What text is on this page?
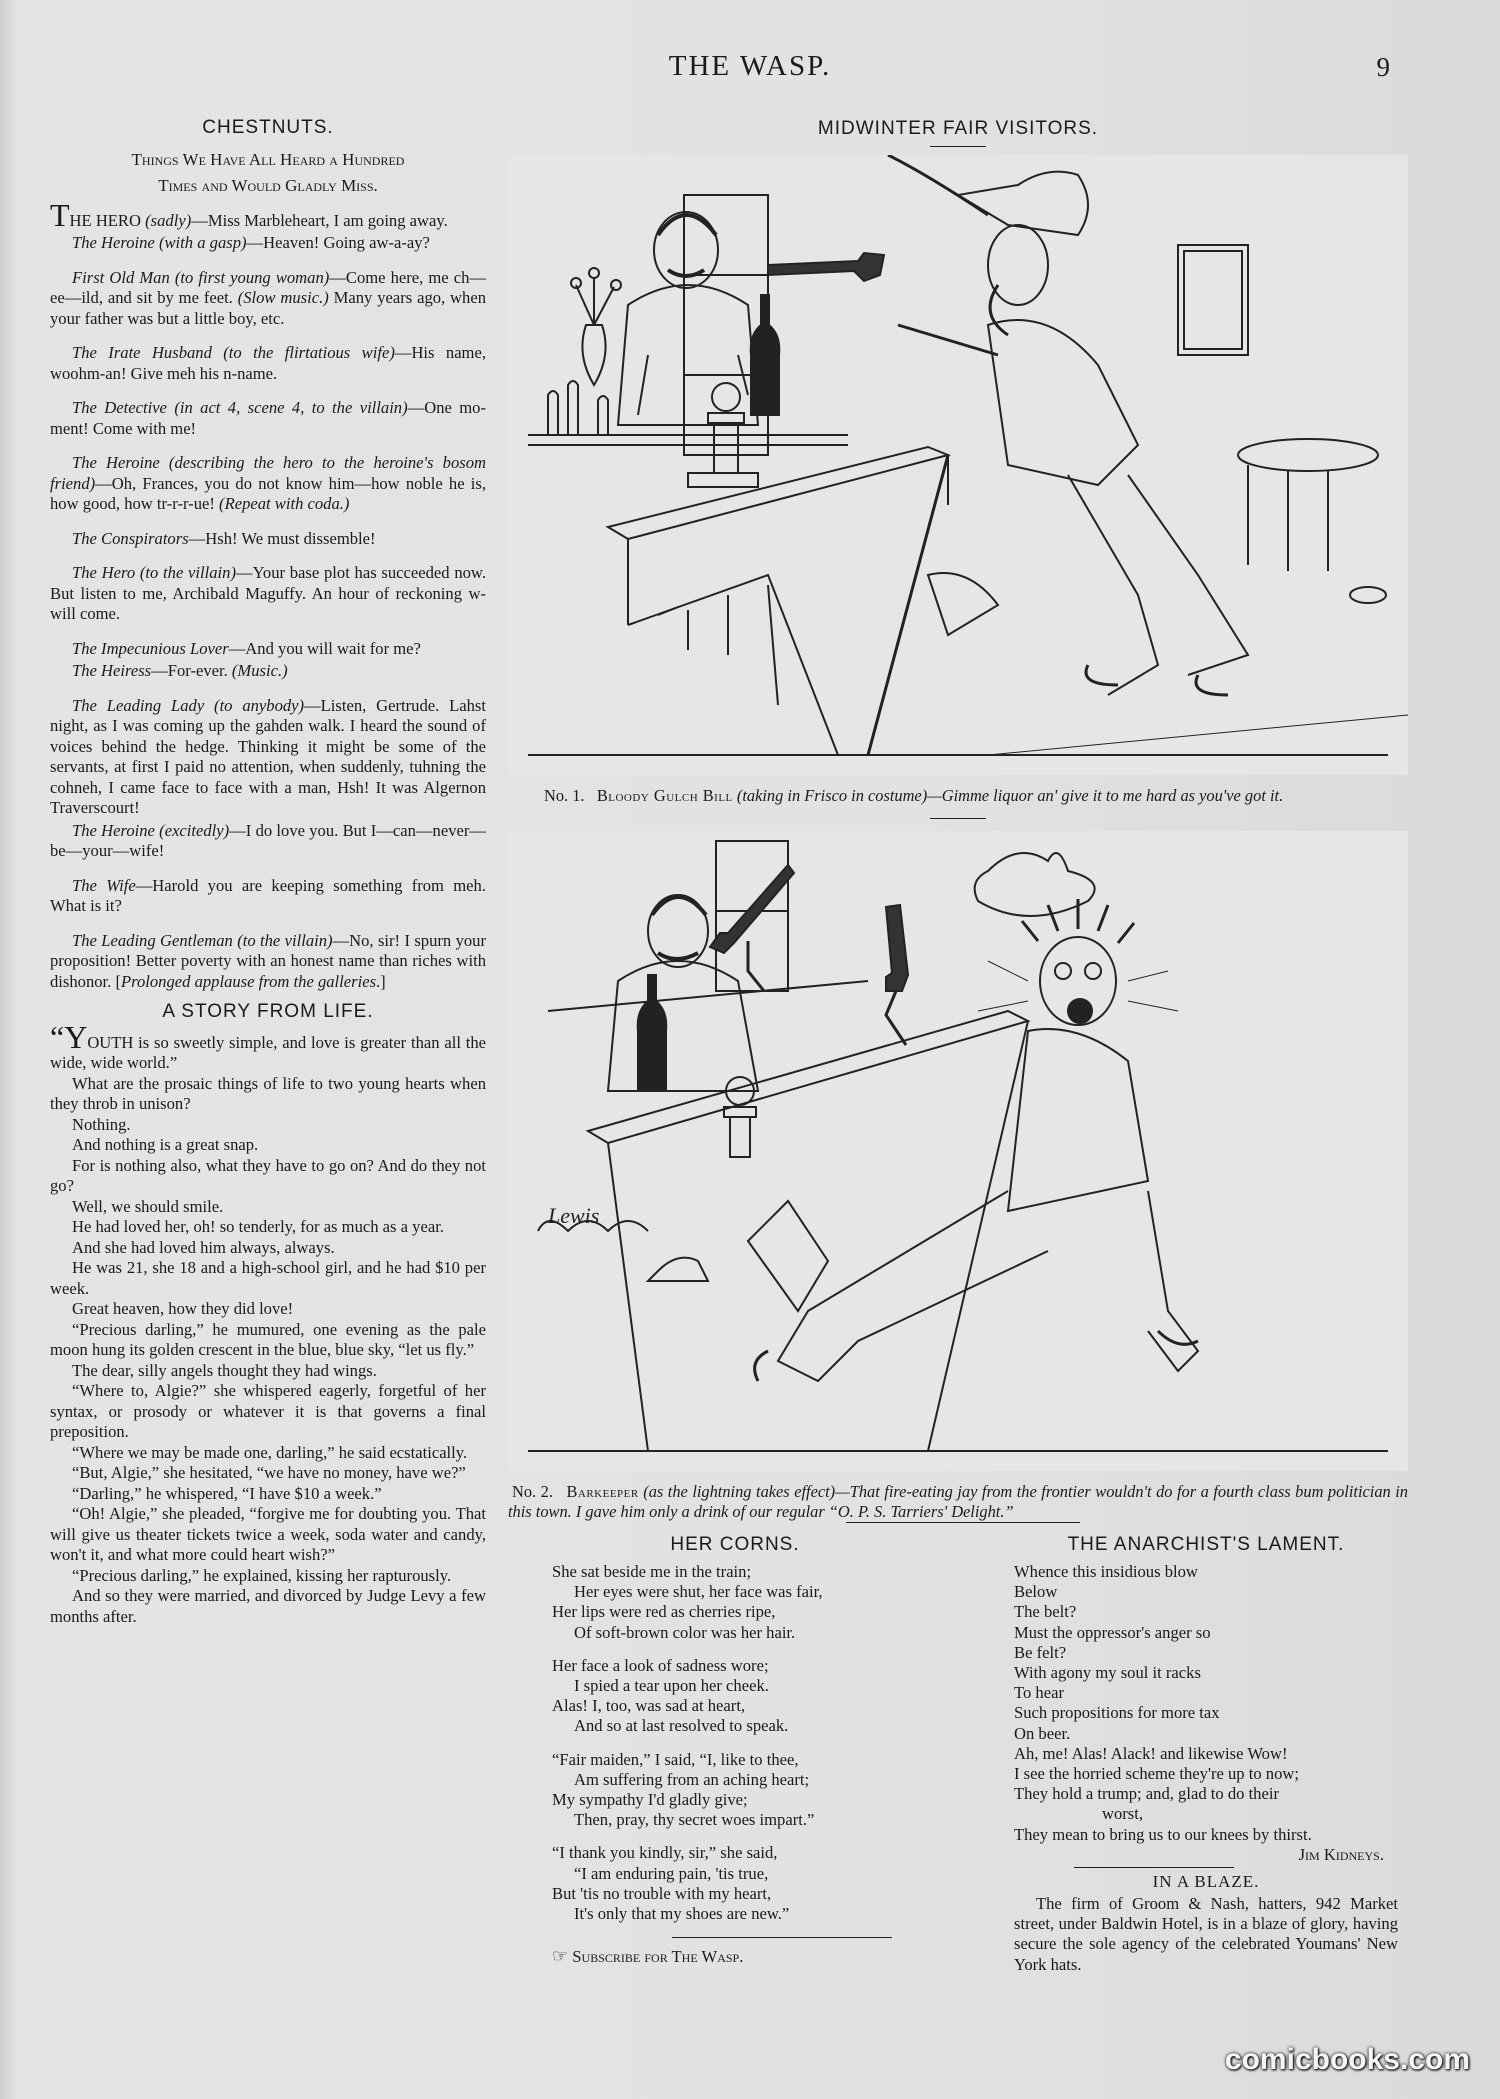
THE WASP.	9
CHESTNUTS.
Things We Have All Heard a Hundred
Times and Would Gladly Miss.
THE HERO (sadly)—Miss Marbleheart, I am going away.
The Heroine (with a gasp)—Heaven! Going aw-a-ay?
First Old Man (to first young woman)—Come here, me ch—ee—ild, and sit by me feet. (Slow music.) Many years ago, when your father was but a little boy, etc.
The Irate Husband (to the flirtatious wife)—His name, woohm-an! Give meh his n-name.
The Detective (in act 4, scene 4, to the villain)—One mo-ment! Come with me!
The Heroine (describing the hero to the heroine's bosom friend)—Oh, Frances, you do not know him—how noble he is, how good, how tr-r-r-ue! (Repeat with coda.)
The Conspirators—Hsh! We must dissemble!
The Hero (to the villain)—Your base plot has succeeded now. But listen to me, Archibald Maguffy. An hour of reckoning w-will come.
The Impecunious Lover—And you will wait for me?
The Heiress—For-ever. (Music.)
The Leading Lady (to anybody)—Listen, Gertrude. Lahst night, as I was coming up the gahden walk. I heard the sound of voices behind the hedge. Thinking it might be some of the servants, at first I paid no attention, when suddenly, tuhning the cohneh, I came face to face with a man, Hsh! It was Algernon Traverscourt!
The Heroine (excitedly)—I do love you. But I—can—never—be—your—wife!
The Wife—Harold you are keeping something from meh. What is it?
The Leading Gentleman (to the villain)—No, sir! I spurn your proposition! Better poverty with an honest name than riches with dishonor. [Prolonged applause from the galleries.]
A STORY FROM LIFE.

“YOUTH is so sweetly simple, and love is greater than all the wide, wide world.”

What are the prosaic things of life to two young hearts when they throb in unison?

Nothing.

And nothing is a great snap.

For is nothing also, what they have to go on? And do they not go?

Well, we should smile.

He had loved her, oh! so tenderly, for as much as a year.

And she had loved him always, always.

He was 21, she 18 and a high-school girl, and he had $10 per week.

Great heaven, how they did love!

“Precious darling,” he mumured, one evening as the pale moon hung its golden crescent in the blue, blue sky, “let us fly.”

The dear, silly angels thought they had wings.

“Where to, Algie?” she whispered eagerly, forgetful of her syntax, or prosody or whatever it is that governs a final preposition.

“Where we may be made one, darling,” he said ecstatically.

“But, Algie,” she hesitated, “we have no money, have we?”

“Darling,” he whispered, “I have $10 a week.”

“Oh! Algie,” she pleaded, “forgive me for doubting you. That will give us theater tickets twice a week, soda water and candy, won't it, and what more could heart wish?”

“Precious darling,” he explained, kissing her rapturously.

And so they were married, and divorced by Judge Levy a few months after.

MIDWINTER FAIR VISITORS.
No. 1. Bloody Gulch Bill (taking in Frisco in costume)—Gimme liquor an' give it to me hard as you've got it.
Lewis
No. 2. Barkeeper (as the lightning takes effect)—That fire-eating jay from the frontier wouldn't do for a fourth class bum politician in this town. I gave him only a drink of our regular “O. P. S. Tarriers' Delight.”
HER CORNS.
She sat beside me in the train;
Her eyes were shut, her face was fair,
Her lips were red as cherries ripe,
Of soft-brown color was her hair.
Her face a look of sadness wore;
I spied a tear upon her cheek.
Alas! I, too, was sad at heart,
And so at last resolved to speak.
“Fair maiden,” I said, “I, like to thee,
Am suffering from an aching heart;
My sympathy I'd gladly give;
Then, pray, thy secret woes impart.”
“I thank you kindly, sir,” she said,
“I am enduring pain, 'tis true,
But 'tis no trouble with my heart,
It's only that my shoes are new.”
☞ Subscribe for The Wasp.
THE ANARCHIST'S LAMENT.
Whence this insidious blow
Below
The belt?
Must the oppressor's anger so
Be felt?
With agony my soul it racks
To hear
Such propositions for more tax
On beer.
Ah, me! Alas! Alack! and likewise Wow!
I see the horried scheme they're up to now;
They hold a trump; and, glad to do their
worst,
They mean to bring us to our knees by thirst.
Jim Kidneys.
IN A BLAZE.
The firm of Groom & Nash, hatters, 942 Market street, under Baldwin Hotel, is in a blaze of glory, having secure the sole agency of the celebrated Youmans' New York hats.
comicbooks.com
